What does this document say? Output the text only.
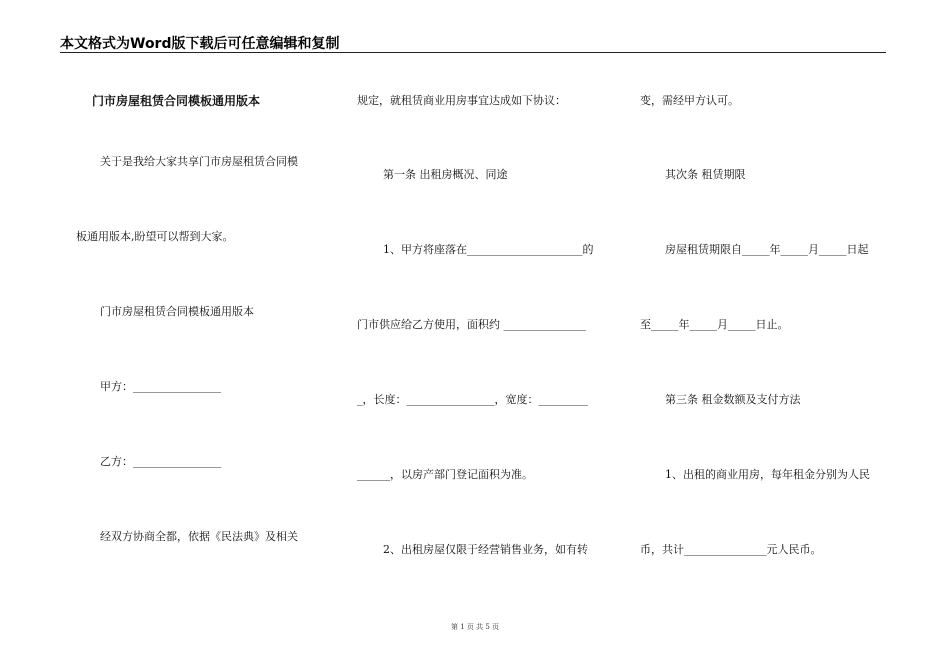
本文格式为Word版下载后可任意编辑和复制
门市房屋租赁合同模板通用版本
关于是我给大家共享门市房屋租赁合同模
板通用版本,盼望可以帮到大家。
门市房屋租赁合同模板通用版本
甲方：________________
乙方：________________
经双方协商全都，依据《民法典》及相关
规定，就租赁商业用房事宜达成如下协议：
第一条 出租房概况、同途
1、甲方将座落在_____________________的
门市供应给乙方使用，面积约 _______________
_，长度：________________，宽度：_________
______，以房产部门登记面积为准。
2、出租房屋仅限于经营销售业务，如有转
变，需经甲方认可。
其次条 租赁期限
房屋租赁期限自_____年_____月_____日起
至_____年_____月_____日止。
第三条 租金数额及支付方法
1、出租的商业用房，每年租金分别为人民
币，共计_______________元人民币。
第 1 页 共 5 页
